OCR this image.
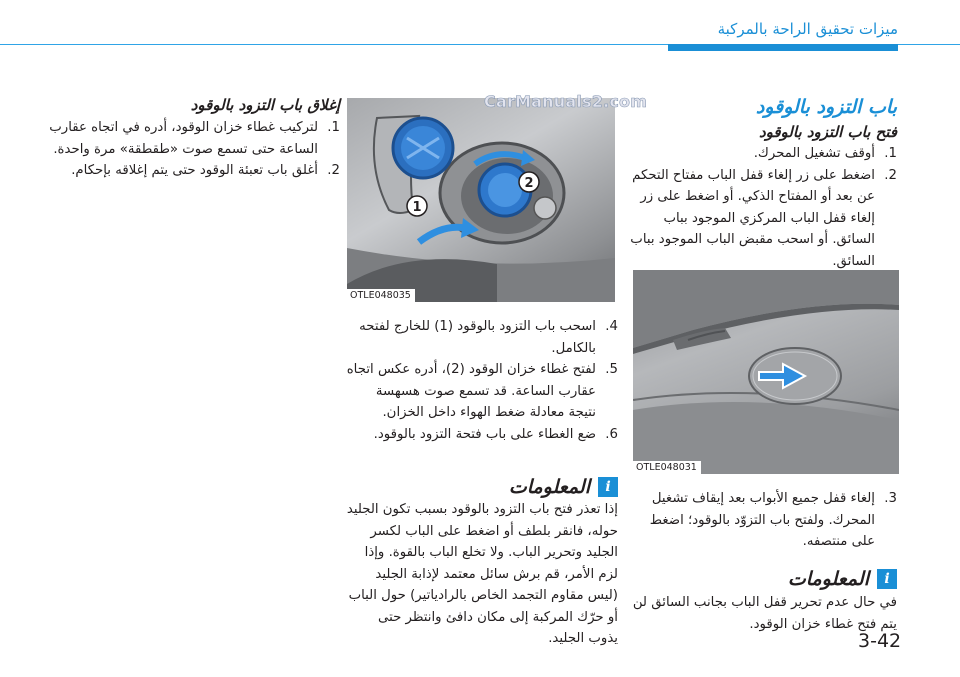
ميزات تحقيق الراحة بالمركبة
باب التزود بالوقود
فتح باب التزود بالوقود
1.
أوقف تشغيل المحرك.
2.
اضغط على زر إلغاء قفل الباب مفتاح التحكم عن بعد أو المفتاح الذكي. أو اضغط على زر إلغاء قفل الباب المركزي الموجود بباب السائق. أو اسحب مقبض الباب الموجود بباب السائق.
OTLE048031
3.
إلغاء قفل جميع الأبواب بعد إيقاف تشغيل المحرك. ولفتح باب التزوّد بالوقود؛ اضغط على منتصفه.
i
المعلومات
في حال عدم تحرير قفل الباب بجانب السائق لن يتم فتح غطاء خزان الوقود.
1
2
OTLE048035
CarManuals2.com
4.
اسحب باب التزود بالوقود (1) للخارج لفتحه بالكامل.
5.
لفتح غطاء خزان الوقود (2)، أدره عكس اتجاه عقارب الساعة. قد تسمع صوت هسهسة نتيجة معادلة ضغط الهواء داخل الخزان.
6.
ضع الغطاء على باب فتحة التزود بالوقود.
i
المعلومات
إذا تعذر فتح باب التزود بالوقود بسبب تكون الجليد حوله، فانقر بلطف أو اضغط على الباب لكسر الجليد وتحرير الباب. ولا تخلع الباب بالقوة. وإذا لزم الأمر، قم برش سائل معتمد لإذابة الجليد (ليس مقاوم التجمد الخاص بالرادياتير) حول الباب أو حرّك المركبة إلى مكان دافئ وانتظر حتى يذوب الجليد.
إغلاق باب التزود بالوقود
1.
لتركيب غطاء خزان الوقود، أدره في اتجاه عقارب الساعة حتى تسمع صوت «طقطقة» مرة واحدة.
2.
أغلق باب تعبئة الوقود حتى يتم إغلاقه بإحكام.
3-42
